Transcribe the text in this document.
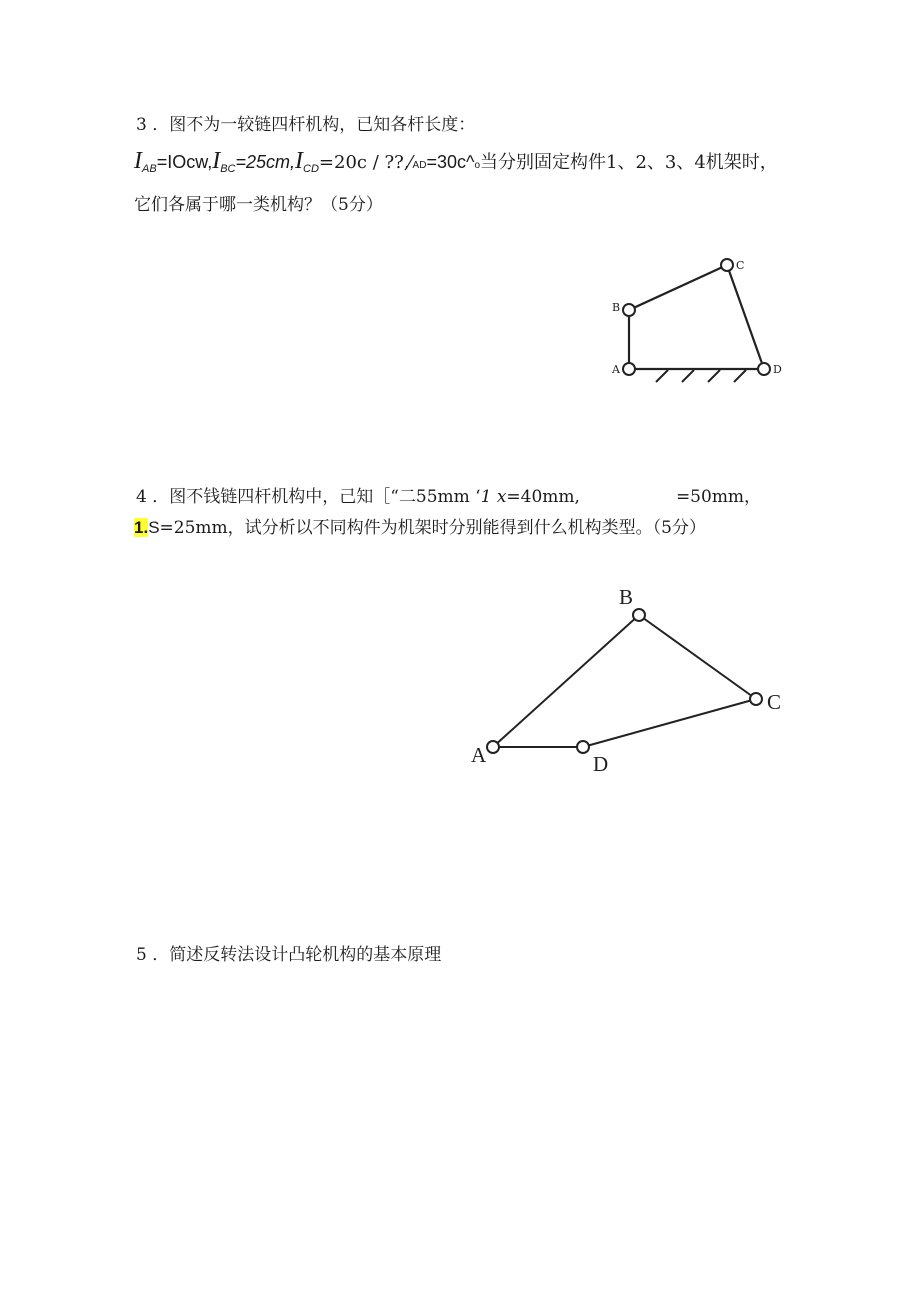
3 ．图不为一较链四杆机构，已知各杆长度：
$I_{AB}=IOcw,I_{BC}=25cm,I_{CD}=20c$ / ??,⁄AD=30c^o当分别固定构件1、2、3、4机架时，
它们各属于哪一类机构？（5分）
4 ．图不钱链四杆机构中，己知［“二55mm ‘1 x=40mm,	=50mm，
1.S=25mm，试分析以不同构件为机架时分别能得到什么机构类型。（5分）
5 ．简述反转法设计凸轮机构的基本原理
B
C
A	D
B
C
A	D
